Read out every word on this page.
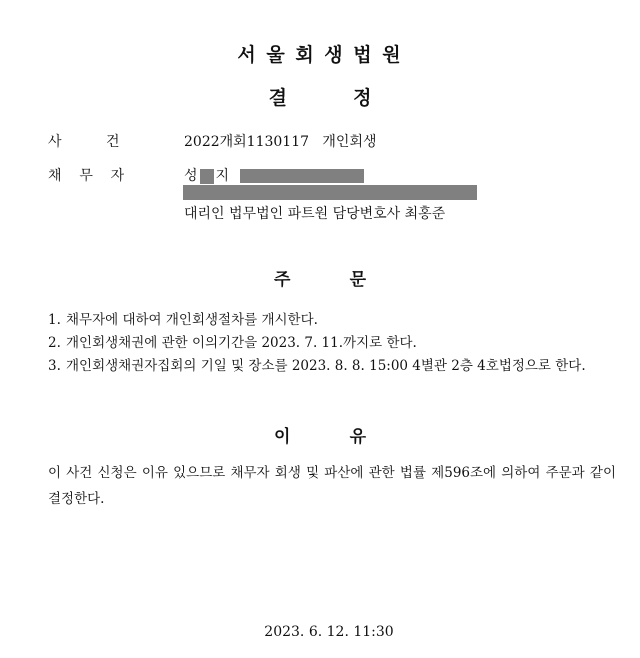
서 울 회 생 법 원
결          정
사          건	2022개회1130117 개인회생
채    무    자	성 지
대리인 법무법인 파트원 담당변호사 최홍준
주          문
1. 채무자에 대하여 개인회생절차를 개시한다.
2. 개인회생채권에 관한 이의기간을 2023. 7. 11.까지로 한다.
3. 개인회생채권자집회의 기일 및 장소를 2023. 8. 8. 15:00 4별관 2층 4호법정으로 한다.
이          유
이 사건 신청은 이유 있으므로 채무자 회생 및 파산에 관한 법률 제596조에 의하여 주문과 같이 결정한다.
2023. 6. 12. 11:30
